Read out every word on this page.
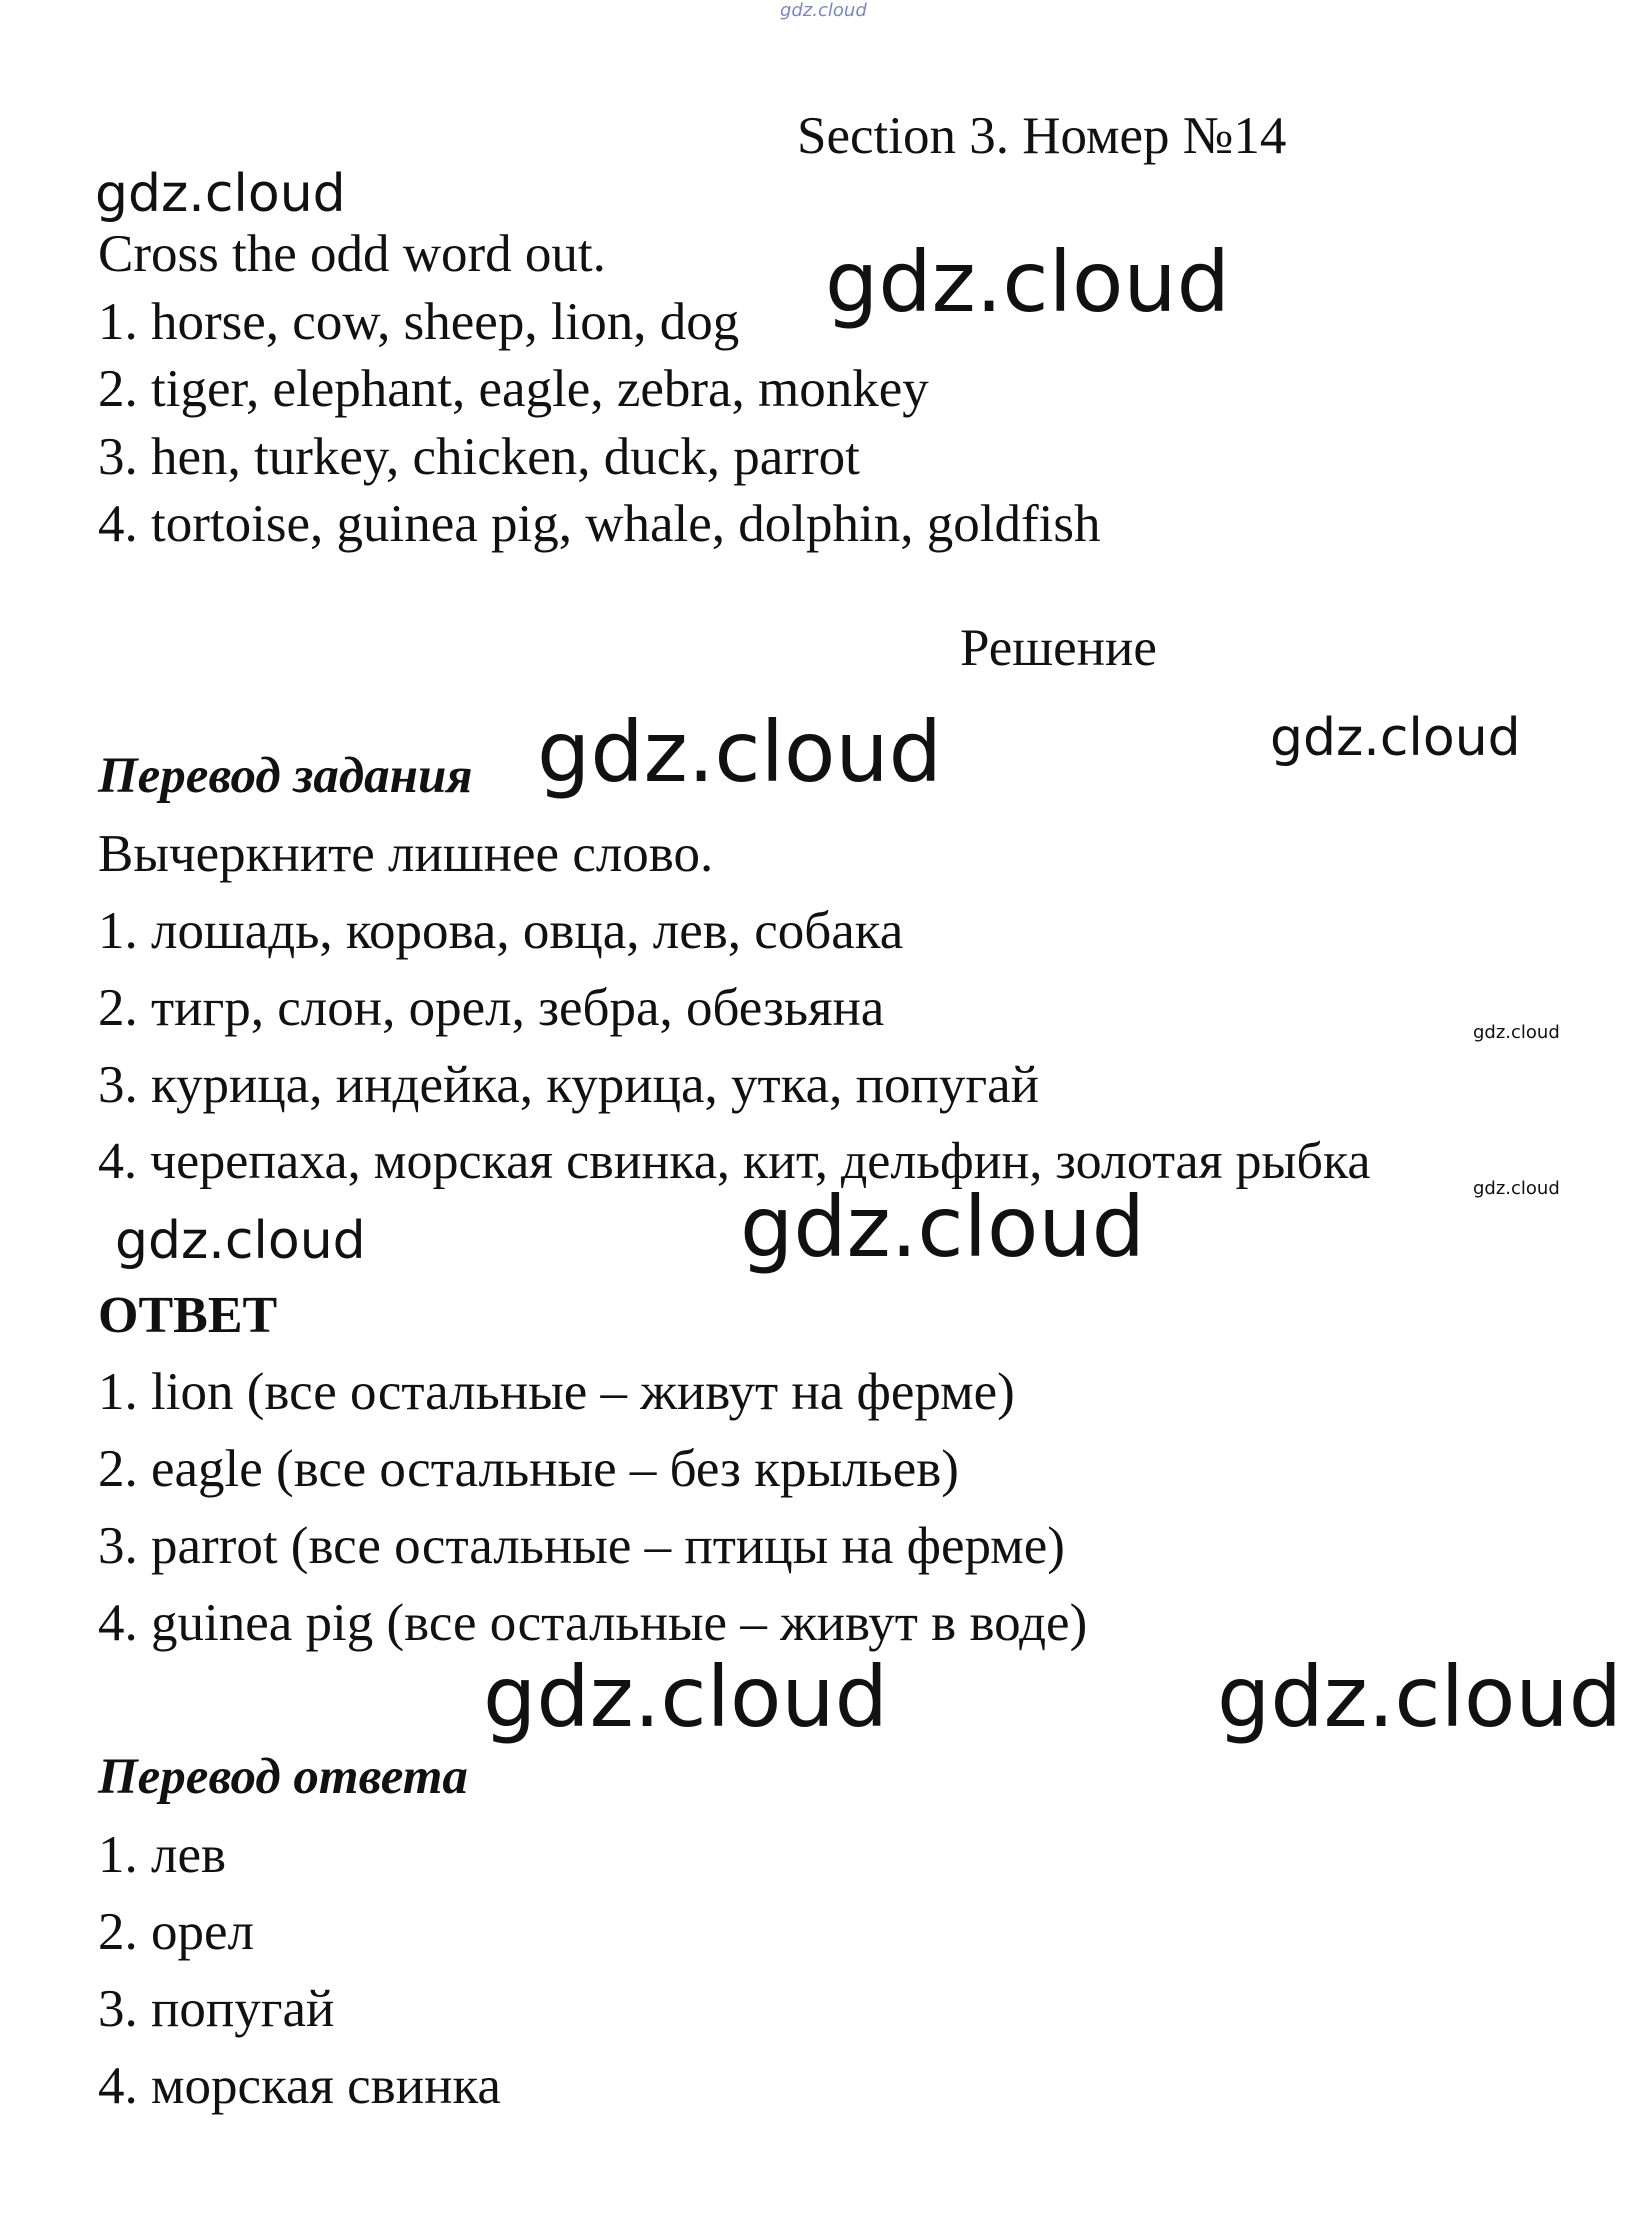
gdz.cloud
gdz.cloud
gdz.cloud
gdz.cloud	gdz.cloud
gdz.cloud
gdz.cloud
gdz.cloud	gdz.cloud
gdz.cloud	gdz.cloud
Section 3. Номер №14
Cross the odd word out.
1. horse, cow, sheep, lion, dog
2. tiger, elephant, eagle, zebra, monkey
3. hen, turkey, chicken, duck, parrot
4. tortoise, guinea pig, whale, dolphin, goldfish
Решение
Перевод задания
Вычеркните лишнее слово.
1. лошадь, корова, овца, лев, собака
2. тигр, слон, орел, зебра, обезьяна
3. курица, индейка, курица, утка, попугай
4. черепаха, морская свинка, кит, дельфин, золотая рыбка
ОТВЕТ
1. lion (все остальные – живут на ферме)
2. eagle (все остальные – без крыльев)
3. parrot (все остальные – птицы на ферме)
4. guinea pig (все остальные – живут в воде)
Перевод ответа
1. лев
2. орел
3. попугай
4. морская свинка
